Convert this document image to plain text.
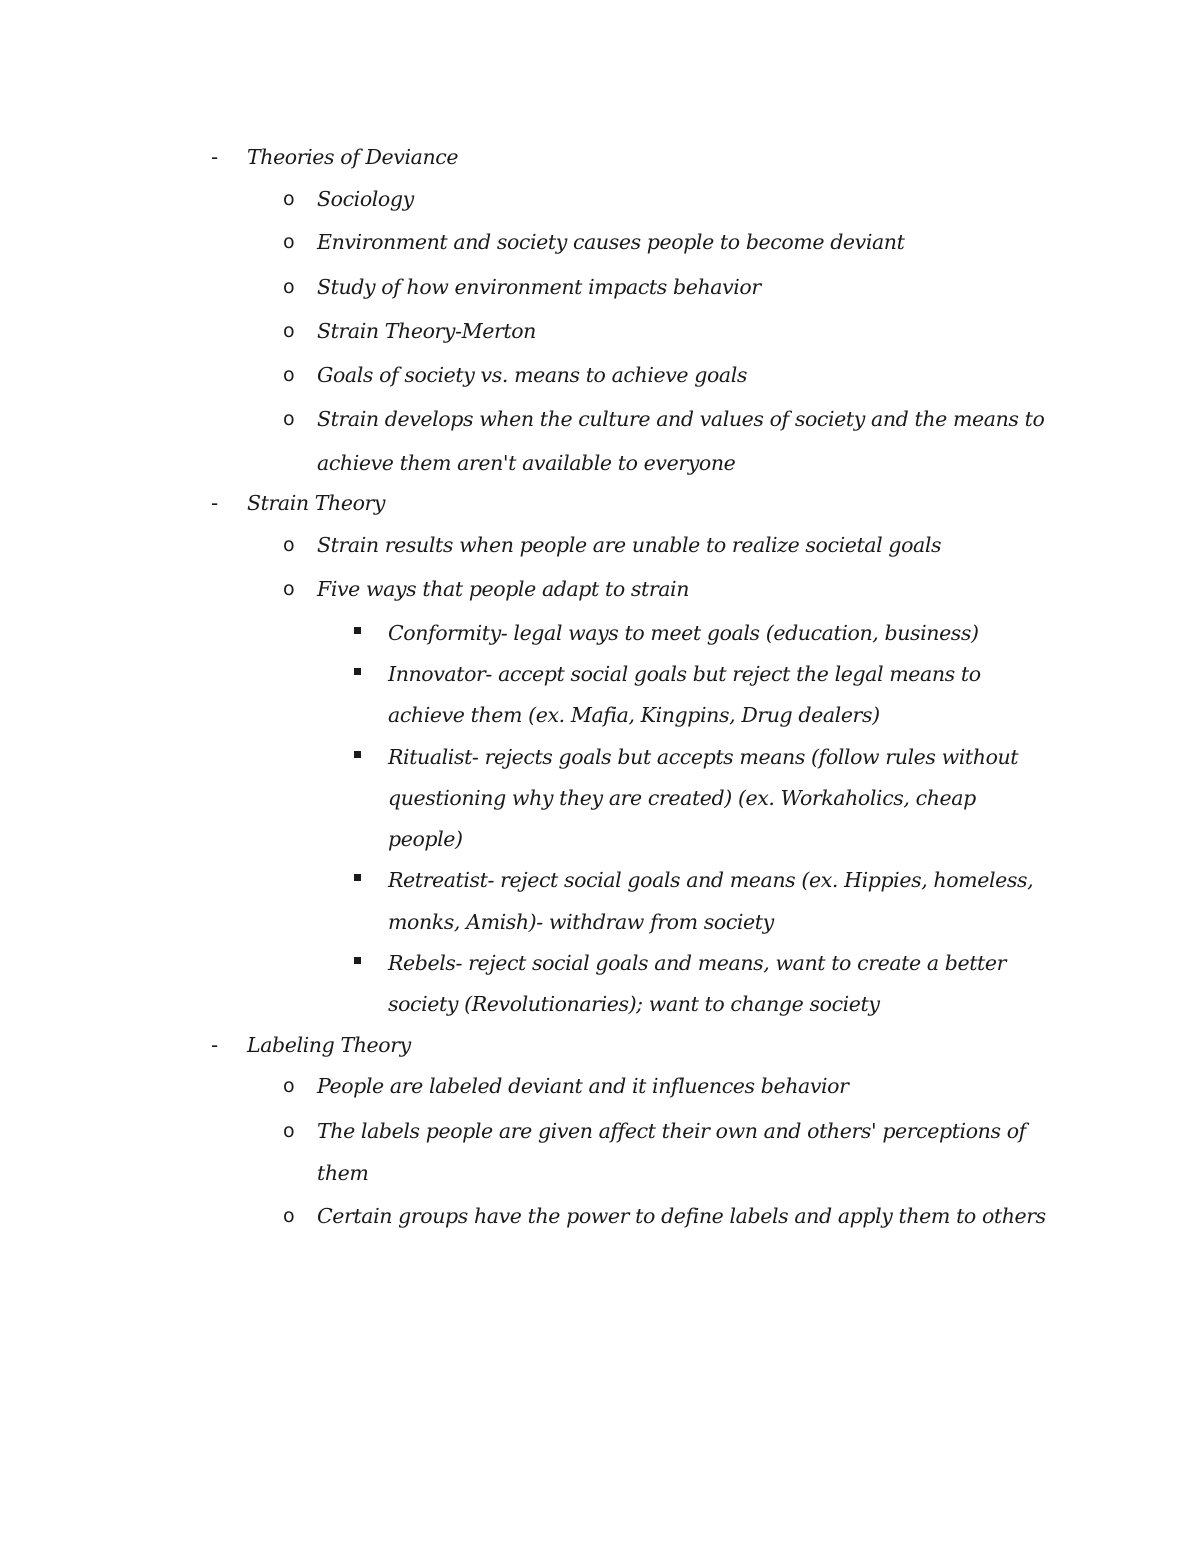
- Theories of Deviance
o Sociology
o Environment and society causes people to become deviant
o Study of how environment impacts behavior
o Strain Theory-Merton
o Goals of society vs. means to achieve goals
o Strain develops when the culture and values of society and the means to
achieve them aren't available to everyone
- Strain Theory
o Strain results when people are unable to realize societal goals
o Five ways that people adapt to strain
Conformity- legal ways to meet goals (education, business)
Innovator- accept social goals but reject the legal means to
achieve them (ex. Mafia, Kingpins, Drug dealers)
Ritualist- rejects goals but accepts means (follow rules without
questioning why they are created) (ex. Workaholics, cheap
people)
Retreatist- reject social goals and means (ex. Hippies, homeless,
monks, Amish)- withdraw from society
Rebels- reject social goals and means, want to create a better
society (Revolutionaries); want to change society
- Labeling Theory
o People are labeled deviant and it influences behavior
o The labels people are given affect their own and others' perceptions of
them
o Certain groups have the power to define labels and apply them to others
